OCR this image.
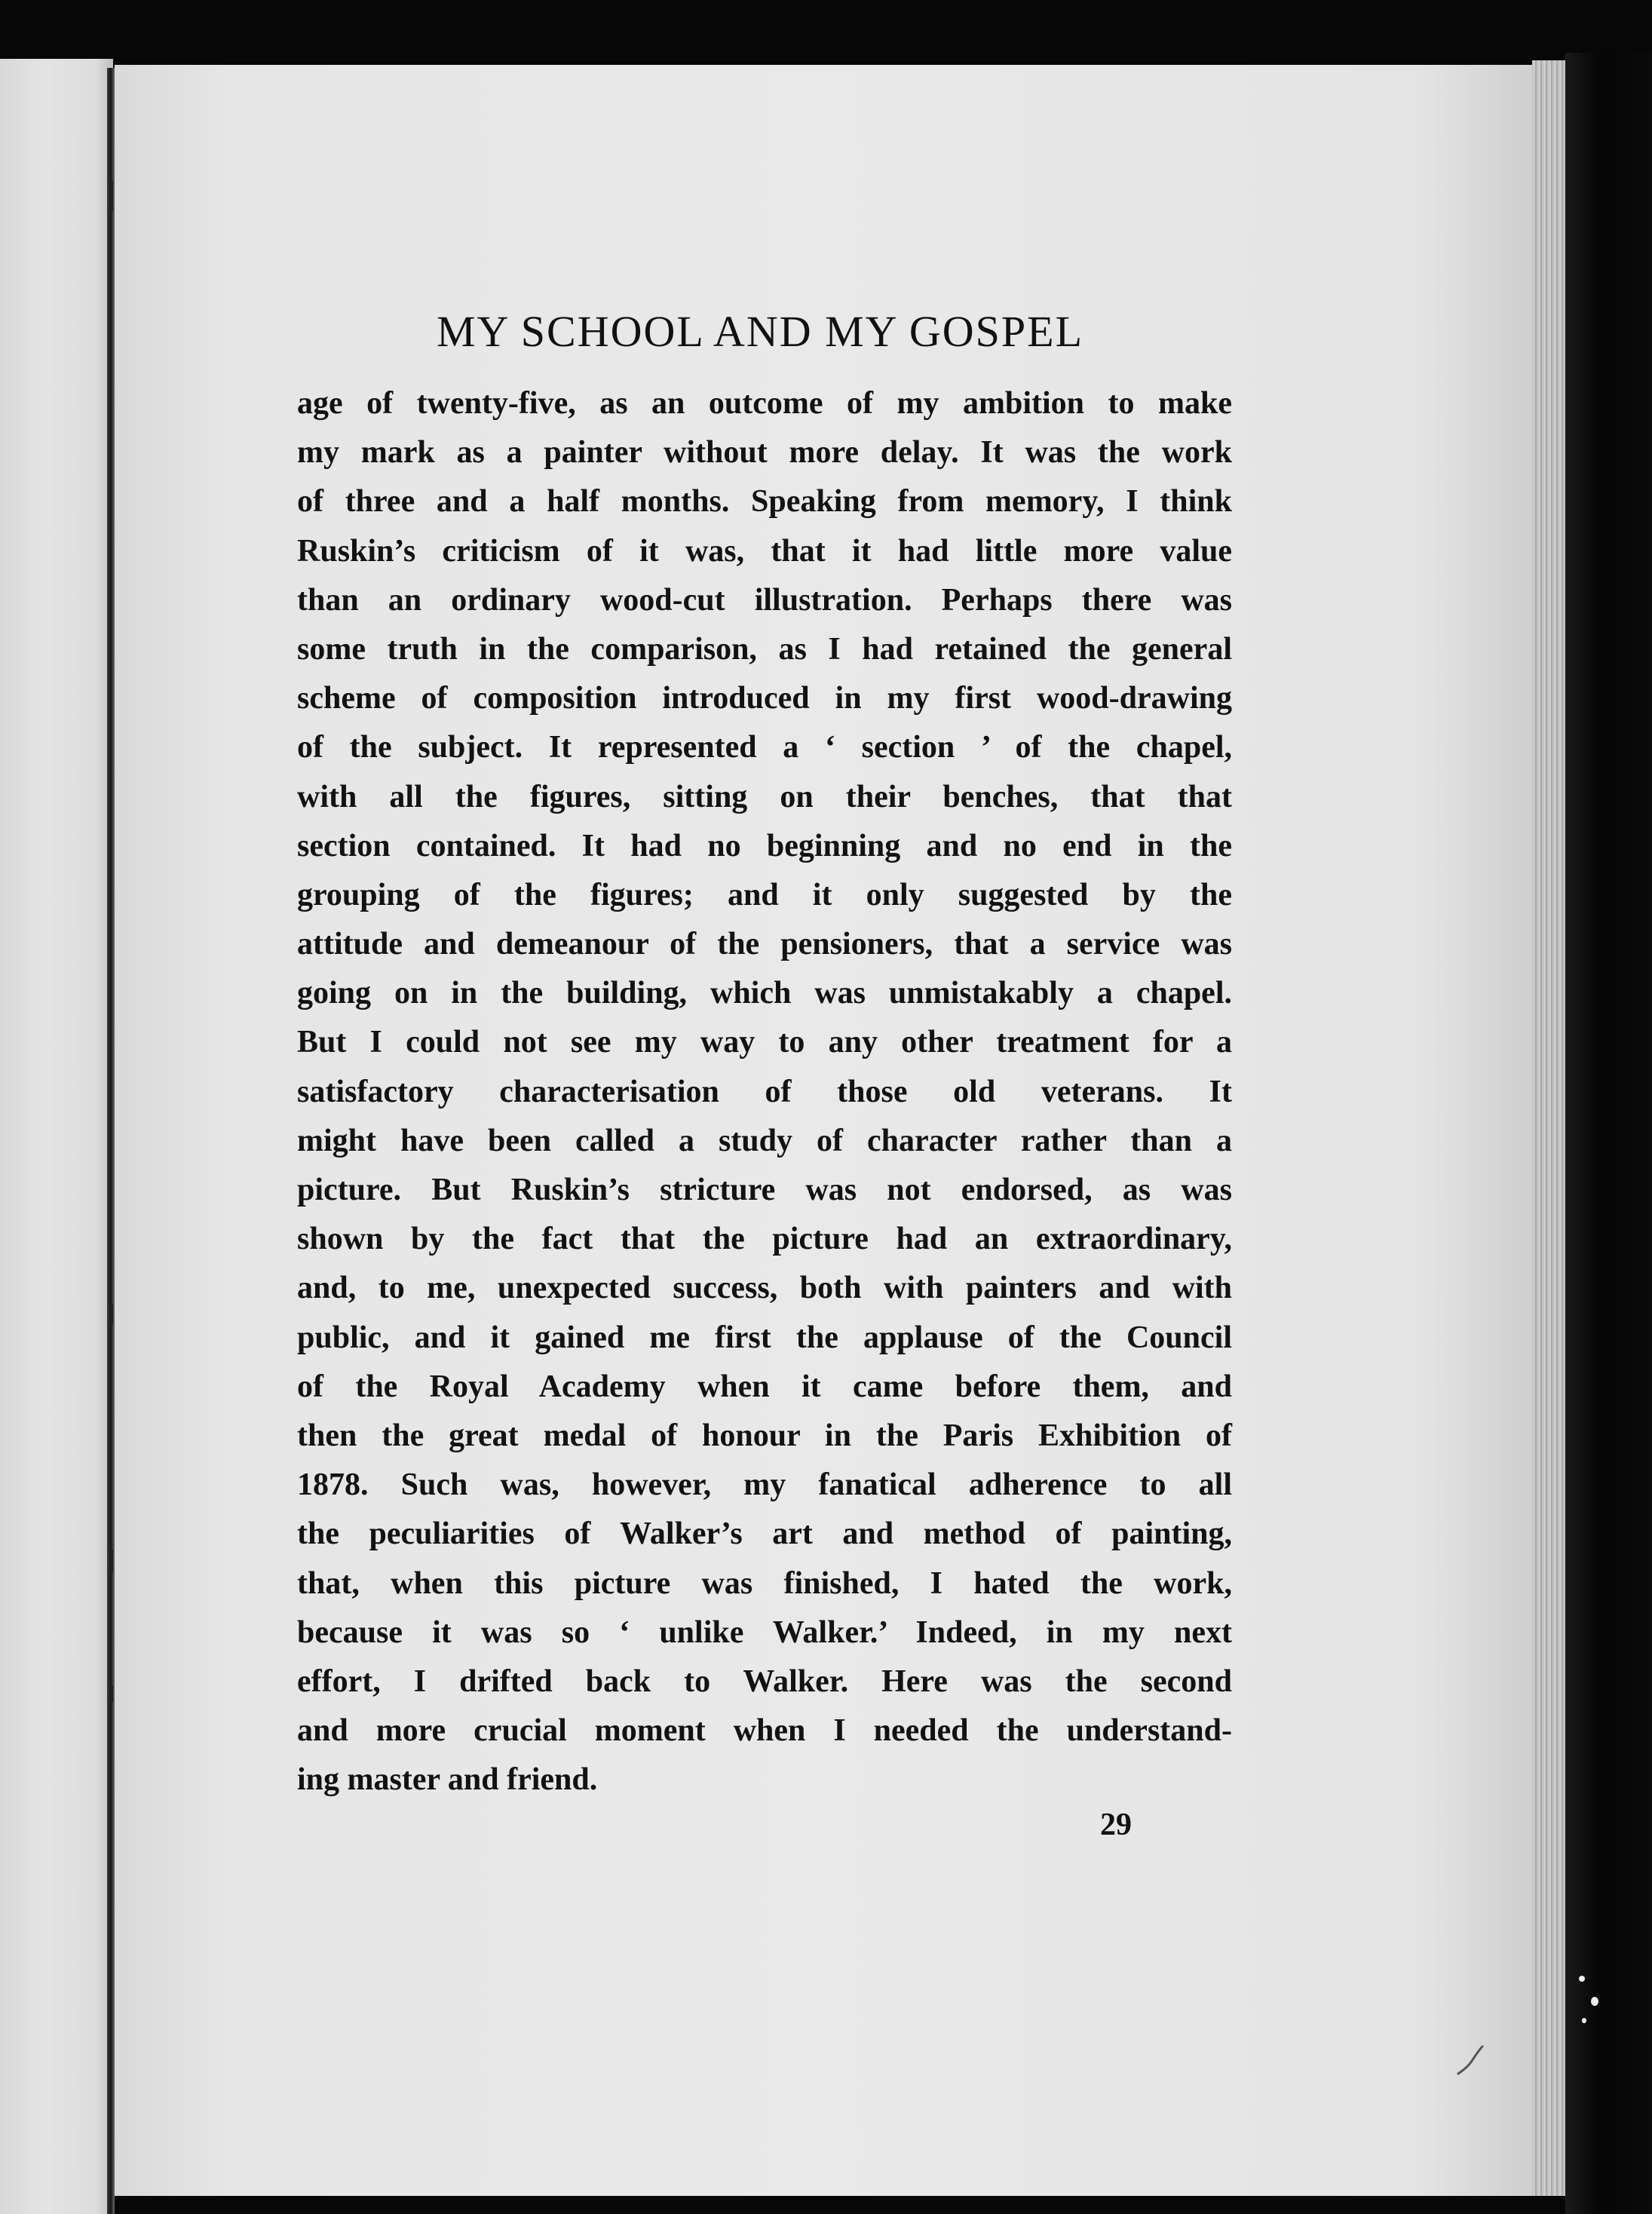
MY SCHOOL AND MY GOSPEL
age of twenty-five, as an outcome of my ambition to make
my mark as a painter without more delay. It was the work
of three and a half months. Speaking from memory, I think
Ruskin’s criticism of it was, that it had little more value
than an ordinary wood-cut illustration. Perhaps there was
some truth in the comparison, as I had retained the general
scheme of composition introduced in my first wood-drawing
of the subject. It represented a ‘ section ’ of the chapel,
with all the figures, sitting on their benches, that that
section contained. It had no beginning and no end in the
grouping of the figures; and it only suggested by the
attitude and demeanour of the pensioners, that a service was
going on in the building, which was unmistakably a chapel.
But I could not see my way to any other treatment for a
satisfactory characterisation of those old veterans. It
might have been called a study of character rather than a
picture. But Ruskin’s stricture was not endorsed, as was
shown by the fact that the picture had an extraordinary,
and, to me, unexpected success, both with painters and with
public, and it gained me first the applause of the Council
of the Royal Academy when it came before them, and
then the great medal of honour in the Paris Exhibition of
1878. Such was, however, my fanatical adherence to all
the peculiarities of Walker’s art and method of painting,
that, when this picture was finished, I hated the work,
because it was so ‘ unlike Walker.’ Indeed, in my next
effort, I drifted back to Walker. Here was the second
and more crucial moment when I needed the understand-
ing master and friend.
29
